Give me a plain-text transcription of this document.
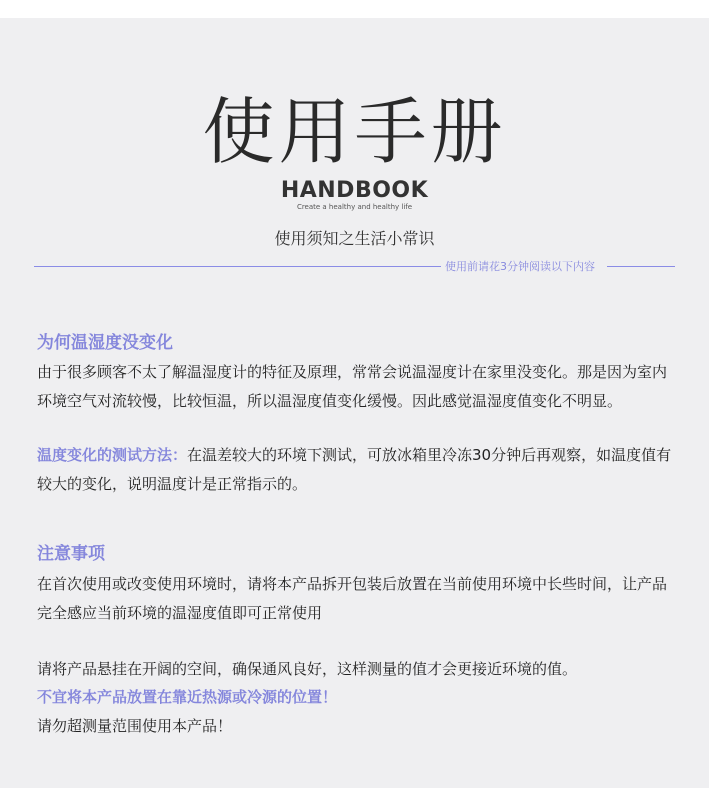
使用手册
HANDBOOK
Create a healthy and healthy life
使用须知之生活小常识
使用前请花3分钟阅读以下内容
为何温湿度没变化
由于很多顾客不太了解温湿度计的特征及原理，常常会说温湿度计在家里没变化。那是因为室内环境空气对流较慢，比较恒温，所以温湿度值变化缓慢。因此感觉温湿度值变化不明显。
温度变化的测试方法：在温差较大的环境下测试，可放冰箱里冷冻30分钟后再观察，如温度值有较大的变化，说明温度计是正常指示的。
注意事项
在首次使用或改变使用环境时，请将本产品拆开包装后放置在当前使用环境中长些时间，让产品完全感应当前环境的温湿度值即可正常使用
请将产品悬挂在开阔的空间，确保通风良好，这样测量的值才会更接近环境的值。
不宜将本产品放置在靠近热源或冷源的位置！
请勿超测量范围使用本产品！
